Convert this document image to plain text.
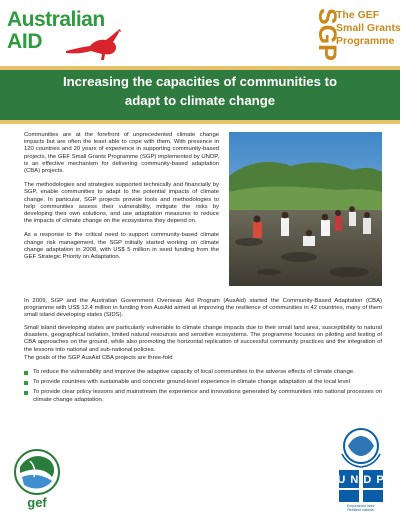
Australian
AID	SGP
The GEF
Small Grants
Programme
Increasing the capacities of communities to
adapt to climate change

Communities are at the forefront of unprecedented climate change impacts but are often the least able to cope with them. With presence in 120 countries and 20 years of experience in supporting community-based projects, the GEF Small Grants Programme (SGP) implemented by UNDP, is an effective mechanism for delivering community-based adaptation (CBA) projects.

The methodologies and strategies supported technically and financially by SGP, enable communities to adapt to the potential impacts of climate change. In particular, SGP projects provide tools and methodologies to help communities assess their vulnerability, mitigate the risks by developing their own solutions, and use adaptation measures to reduce the impacts of climate change on the ecosystems they depend on.

As a response to the critical need to support community-based climate change risk management, the SGP initially started working on climate change adaptation in 2008, with US$ 5 million in seed funding from the GEF Strategic Priority on Adaptation.

In 2009, SGP and the Australian Government Overseas Aid Program (AusAid) started the Community-Based Adaptation (CBA) programme with US$ 12.4 million in funding from AusAid aimed at improving the resilience of communities in 42 countries, many of them small island developing states (SIDS).

Small island developing states are particularly vulnerable to climate change impacts due to their small land area, susceptibility to natural disasters, geographical isolation, limited natural resources and sensitive ecosystems. The programme focuses on piloting and testing of CBA approaches on the ground, while also promoting the horizontal replication of successful community practices and the integration of the lessons into national and sub-national policies.

The goals of the SGP AusAid CBA projects are three-fold

To reduce the vulnerability and improve the adaptive capacity of local communities to the adverse effects of climate change.
To provide countries with sustainable and concrete ground-level experience in climate change adaptation at the local level
To provide clear policy lessons and mainstream the experience and innovations generated by communities into national processes on climate change adaptation.
gef
U N D P
Empowered lives.
Resilient nations.
